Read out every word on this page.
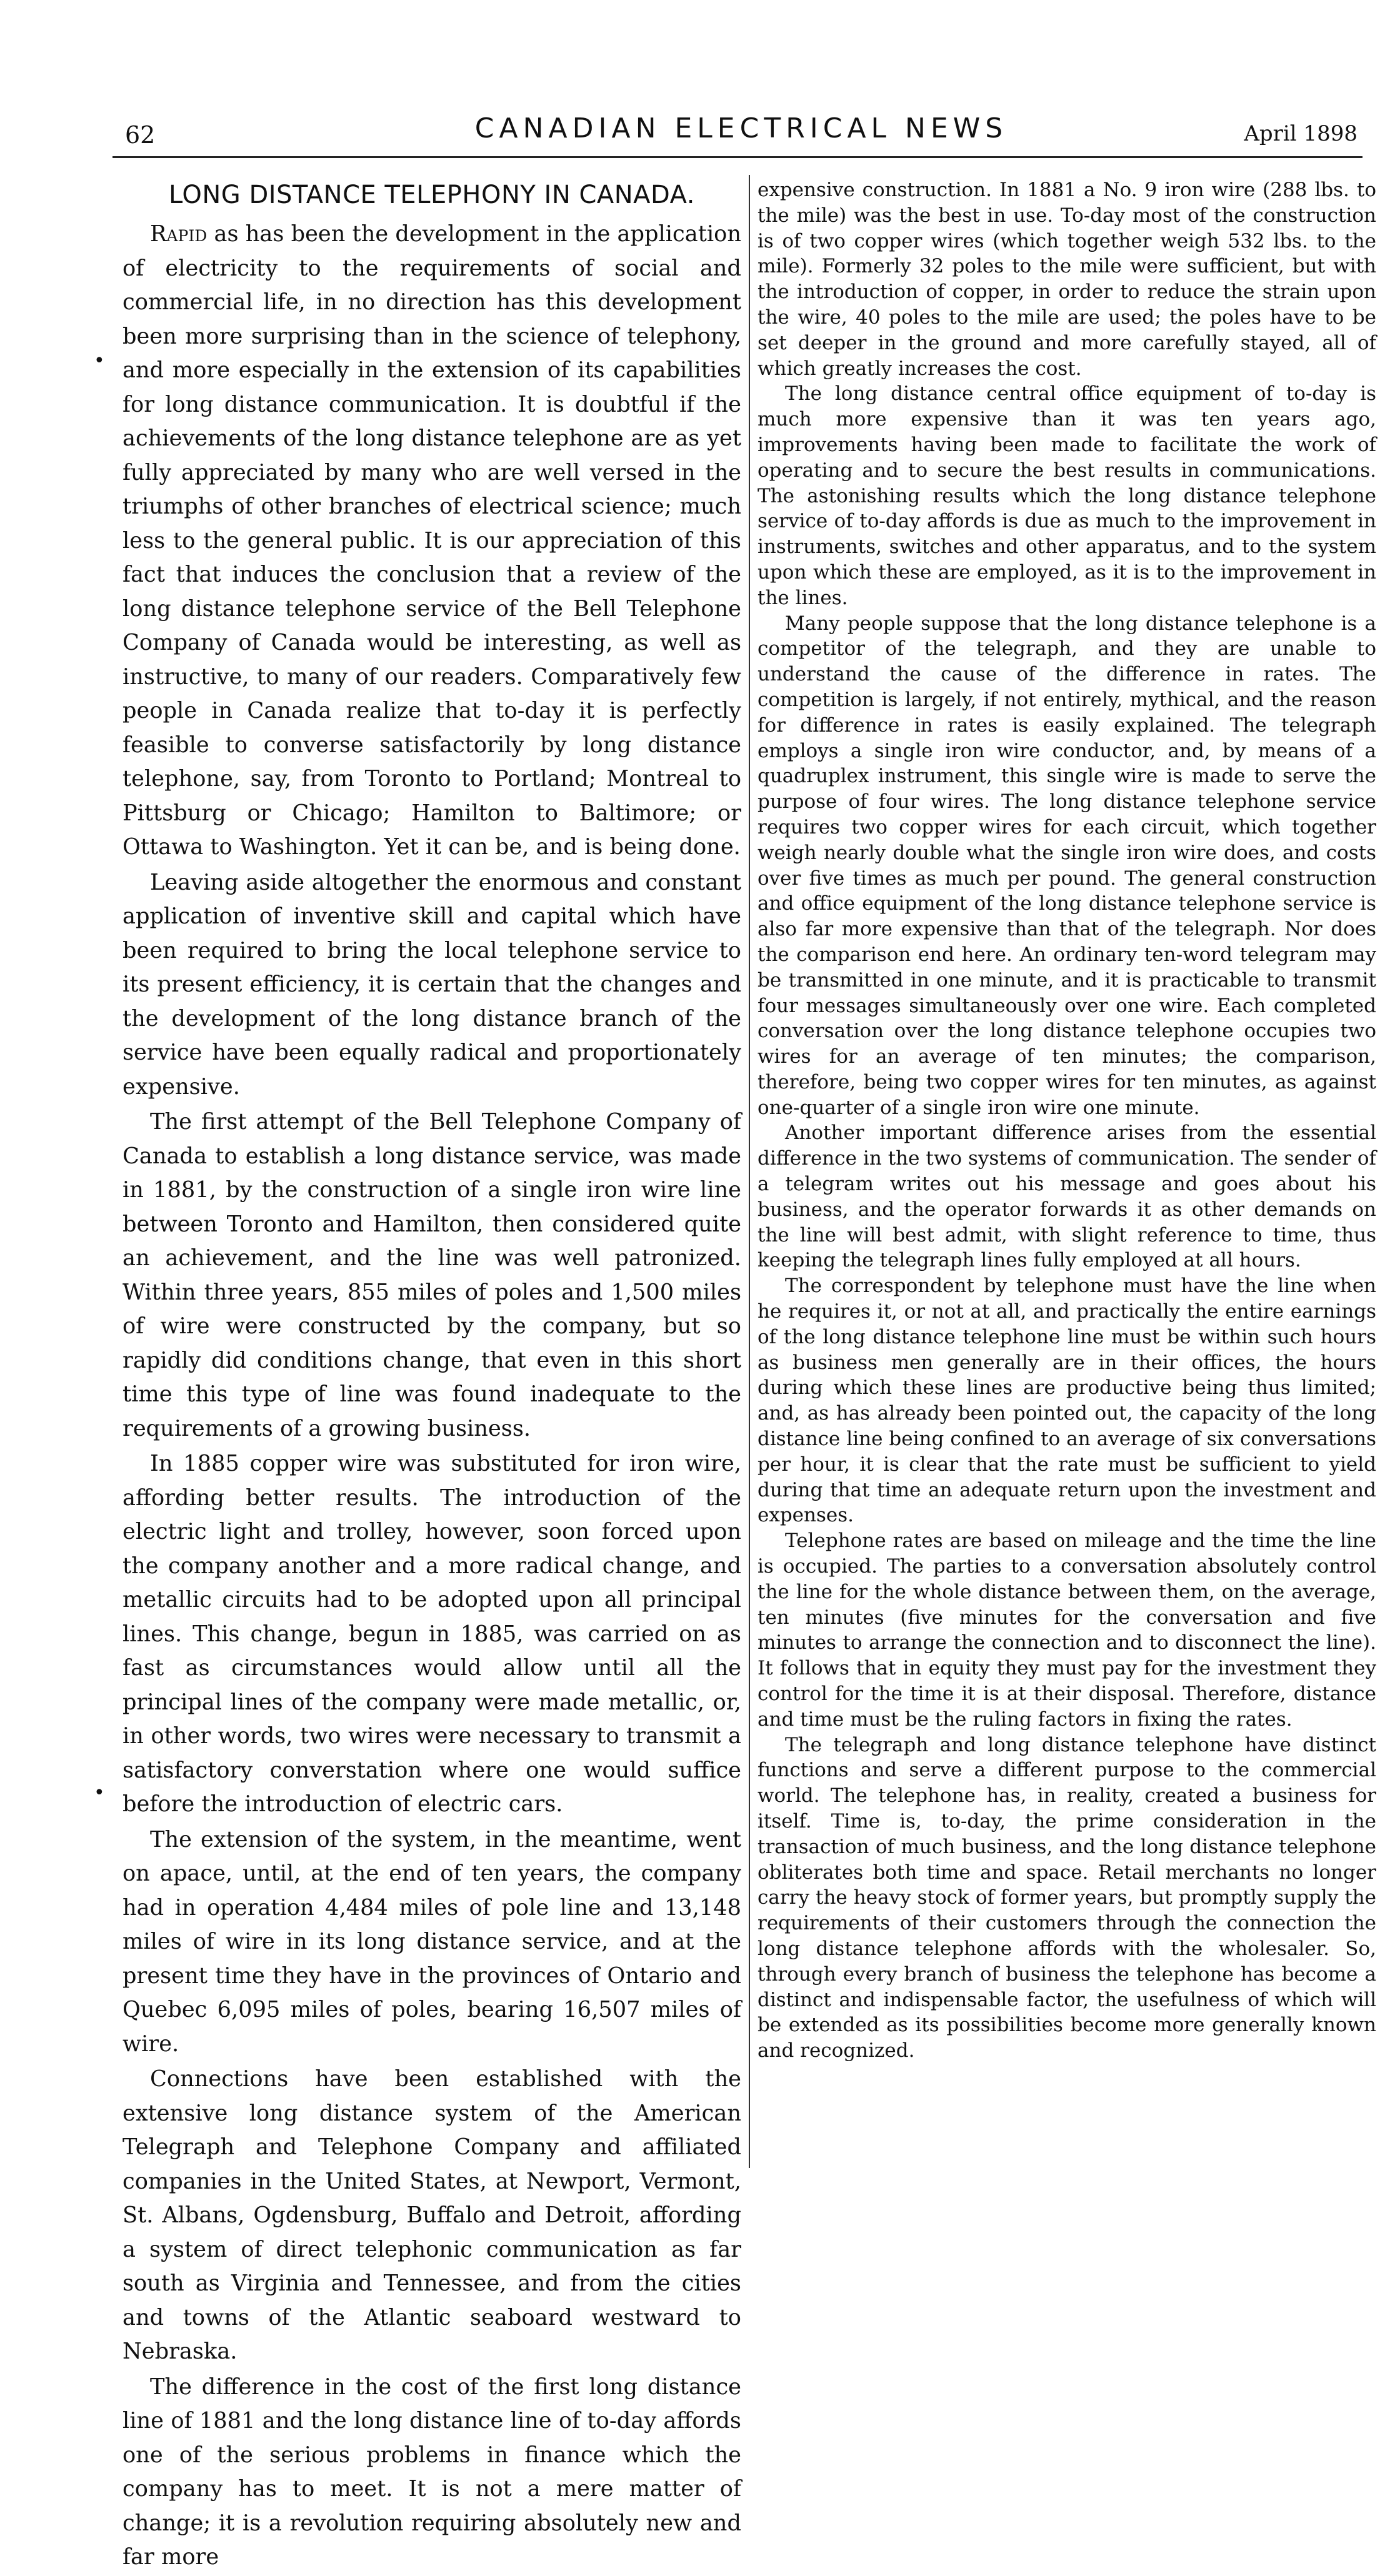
62	CANADIAN ELECTRICAL NEWS	April 1898
LONG DISTANCE TELEPHONY IN CANADA.

Rapid as has been the development in the application of electricity to the requirements of social and commercial life, in no direction has this development been more surprising than in the science of telephony, and more especially in the extension of its capabilities for long distance communication. It is doubtful if the achievements of the long distance telephone are as yet fully appreciated by many who are well versed in the triumphs of other branches of electrical science; much less to the general public. It is our appreciation of this fact that induces the conclusion that a review of the long distance telephone service of the Bell Telephone Company of Canada would be interesting, as well as instructive, to many of our readers. Comparatively few people in Canada realize that to-day it is perfectly feasible to converse satisfactorily by long distance telephone, say, from Toronto to Portland; Montreal to Pittsburg or Chicago; Hamilton to Baltimore; or Ottawa to Washington. Yet it can be, and is being done.

Leaving aside altogether the enormous and constant application of inventive skill and capital which have been required to bring the local telephone service to its present efficiency, it is certain that the changes and the development of the long distance branch of the service have been equally radical and proportionately expensive.

The first attempt of the Bell Telephone Company of Canada to establish a long distance service, was made in 1881, by the construction of a single iron wire line between Toronto and Hamilton, then considered quite an achievement, and the line was well patronized. Within three years, 855 miles of poles and 1,500 miles of wire were constructed by the company, but so rapidly did conditions change, that even in this short time this type of line was found inadequate to the requirements of a growing business.

In 1885 copper wire was substituted for iron wire, affording better results. The introduction of the electric light and trolley, however, soon forced upon the company another and a more radical change, and metallic circuits had to be adopted upon all principal lines. This change, begun in 1885, was carried on as fast as circumstances would allow until all the principal lines of the company were made metallic, or, in other words, two wires were necessary to transmit a satisfactory converstation where one would suffice before the introduction of electric cars.

The extension of the system, in the meantime, went on apace, until, at the end of ten years, the company had in operation 4,484 miles of pole line and 13,148 miles of wire in its long distance service, and at the present time they have in the provinces of Ontario and Quebec 6,095 miles of poles, bearing 16,507 miles of wire.

Connections have been established with the extensive long distance system of the American Telegraph and Telephone Company and affiliated companies in the United States, at Newport, Vermont, St. Albans, Ogdensburg, Buffalo and Detroit, affording a system of direct telephonic communication as far south as Virginia and Tennessee, and from the cities and towns of the Atlantic seaboard westward to Nebraska.

The difference in the cost of the first long distance line of 1881 and the long distance line of to-day affords one of the serious problems in finance which the company has to meet. It is not a mere matter of change; it is a revolution requiring absolutely new and far more

expensive construction. In 1881 a No. 9 iron wire (288 lbs. to the mile) was the best in use. To-day most of the construction is of two copper wires (which together weigh 532 lbs. to the mile). Formerly 32 poles to the mile were sufficient, but with the introduction of copper, in order to reduce the strain upon the wire, 40 poles to the mile are used; the poles have to be set deeper in the ground and more carefully stayed, all of which greatly increases the cost.

The long distance central office equipment of to-day is much more expensive than it was ten years ago, improvements having been made to facilitate the work of operating and to secure the best results in communications. The astonishing results which the long distance telephone service of to-day affords is due as much to the improvement in instruments, switches and other apparatus, and to the system upon which these are employed, as it is to the improvement in the lines.

Many people suppose that the long distance telephone is a competitor of the telegraph, and they are unable to understand the cause of the difference in rates. The competition is largely, if not entirely, mythical, and the reason for difference in rates is easily explained. The telegraph employs a single iron wire conductor, and, by means of a quadruplex instrument, this single wire is made to serve the purpose of four wires. The long distance telephone service requires two copper wires for each circuit, which together weigh nearly double what the single iron wire does, and costs over five times as much per pound. The general construction and office equipment of the long distance telephone service is also far more expensive than that of the telegraph. Nor does the comparison end here. An ordinary ten-word telegram may be transmitted in one minute, and it is practicable to transmit four messages simultaneously over one wire. Each completed conversation over the long distance telephone occupies two wires for an average of ten minutes; the comparison, therefore, being two copper wires for ten minutes, as against one-quarter of a single iron wire one minute.

Another important difference arises from the essential difference in the two systems of communication. The sender of a telegram writes out his message and goes about his business, and the operator forwards it as other demands on the line will best admit, with slight reference to time, thus keeping the telegraph lines fully employed at all hours.

The correspondent by telephone must have the line when he requires it, or not at all, and practically the entire earnings of the long distance telephone line must be within such hours as business men generally are in their offices, the hours during which these lines are productive being thus limited; and, as has already been pointed out, the capacity of the long distance line being confined to an average of six conversations per hour, it is clear that the rate must be sufficient to yield during that time an adequate return upon the investment and expenses.

Telephone rates are based on mileage and the time the line is occupied. The parties to a conversation absolutely control the line for the whole distance between them, on the average, ten minutes (five minutes for the conversation and five minutes to arrange the connection and to disconnect the line). It follows that in equity they must pay for the investment they control for the time it is at their disposal. Therefore, distance and time must be the ruling factors in fixing the rates.

The telegraph and long distance telephone have distinct functions and serve a different purpose to the commercial world. The telephone has, in reality, created a business for itself. Time is, to-day, the prime consideration in the transaction of much business, and the long distance telephone obliterates both time and space. Retail merchants no longer carry the heavy stock of former years, but promptly supply the requirements of their customers through the connection the long distance telephone affords with the wholesaler. So, through every branch of business the telephone has become a distinct and indispensable factor, the usefulness of which will be extended as its possibilities become more generally known and recognized.

•
•
